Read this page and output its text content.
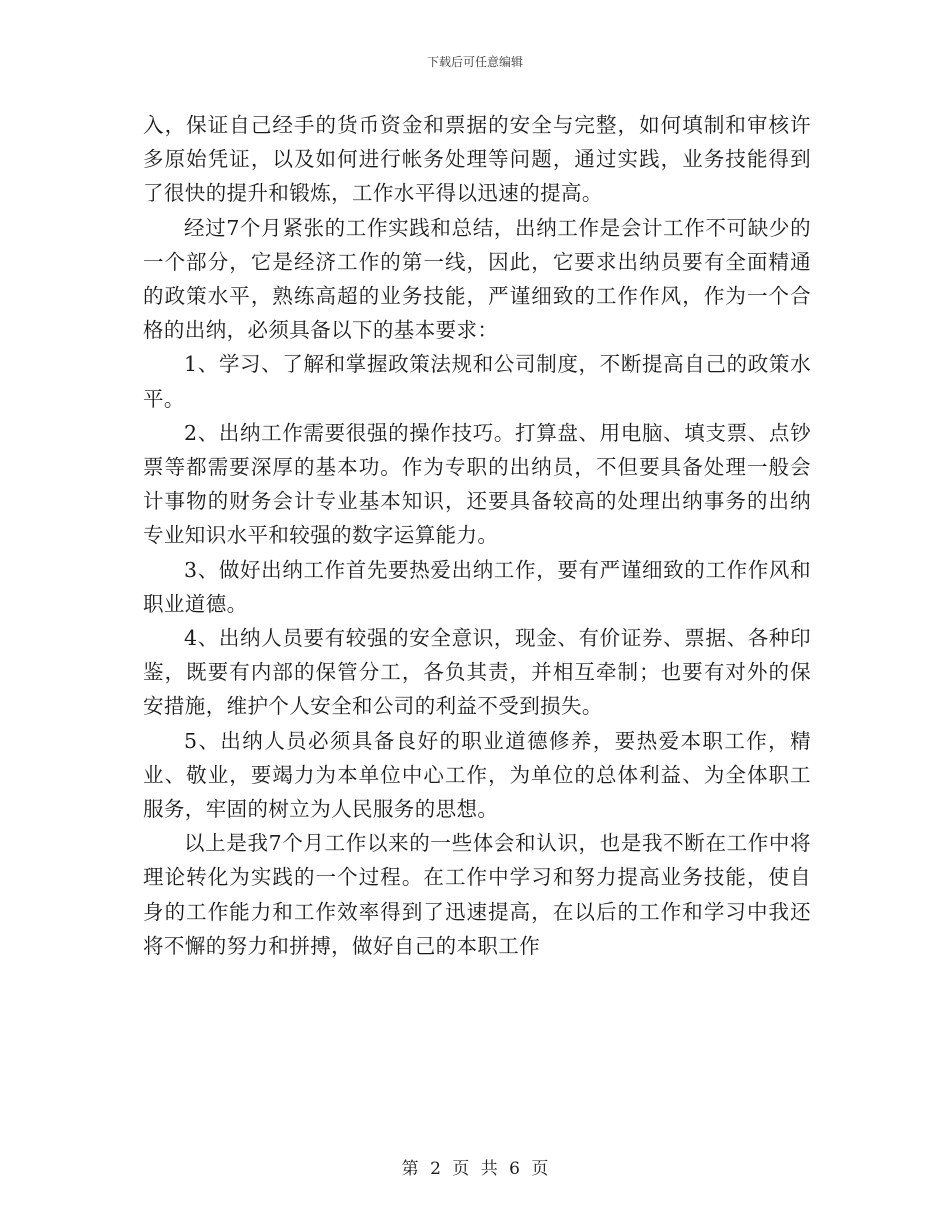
下载后可任意编辑

入，保证自己经手的货币资金和票据的安全与完整，如何填制和审核许多原始凭证，以及如何进行帐务处理等问题，通过实践，业务技能得到了很快的提升和锻炼，工作水平得以迅速的提高。

经过7个月紧张的工作实践和总结，出纳工作是会计工作不可缺少的一个部分，它是经济工作的第一线，因此，它要求出纳员要有全面精通的政策水平，熟练高超的业务技能，严谨细致的工作作风，作为一个合格的出纳，必须具备以下的基本要求：

1、学习、了解和掌握政策法规和公司制度，不断提高自己的政策水平。

2、出纳工作需要很强的操作技巧。打算盘、用电脑、填支票、点钞票等都需要深厚的基本功。作为专职的出纳员，不但要具备处理一般会计事物的财务会计专业基本知识，还要具备较高的处理出纳事务的出纳专业知识水平和较强的数字运算能力。

3、做好出纳工作首先要热爱出纳工作，要有严谨细致的工作作风和职业道德。

4、出纳人员要有较强的安全意识，现金、有价证券、票据、各种印鉴，既要有内部的保管分工，各负其责，并相互牵制；也要有对外的保安措施，维护个人安全和公司的利益不受到损失。

5、出纳人员必须具备良好的职业道德修养，要热爱本职工作，精业、敬业，要竭力为本单位中心工作，为单位的总体利益、为全体职工服务，牢固的树立为人民服务的思想。

以上是我7个月工作以来的一些体会和认识，也是我不断在工作中将理论转化为实践的一个过程。在工作中学习和努力提高业务技能，使自身的工作能力和工作效率得到了迅速提高，在以后的工作和学习中我还将不懈的努力和拼搏，做好自己的本职工作

第 2 页 共 6 页
